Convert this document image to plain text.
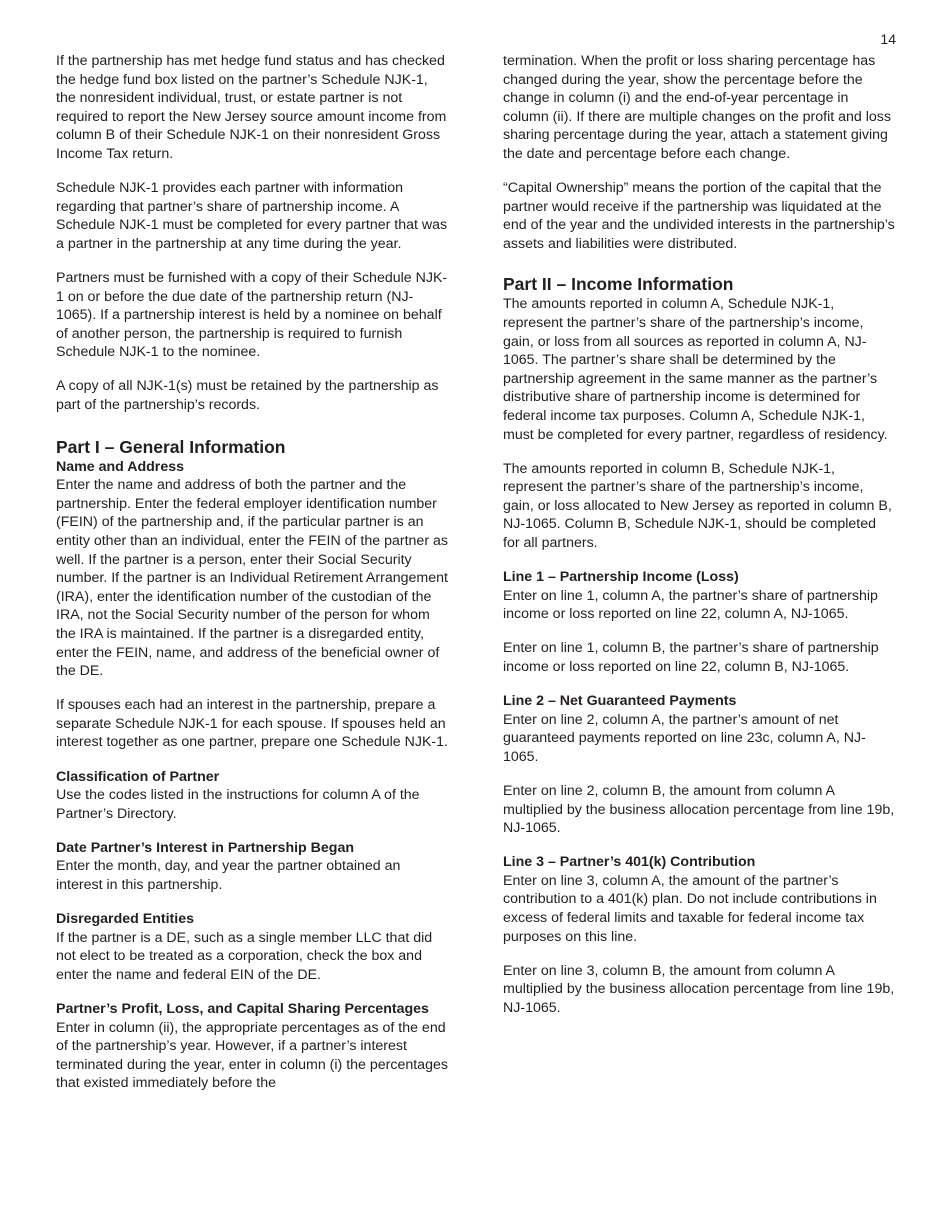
14

If the partnership has met hedge fund status and has checked the hedge fund box listed on the partner’s Schedule NJK-1, the nonresident individual, trust, or estate partner is not required to report the New Jersey source amount income from column B of their Schedule NJK-1 on their nonresident Gross Income Tax return.

Schedule NJK-1 provides each partner with information regarding that partner’s share of partnership income. A Schedule NJK-1 must be completed for every partner that was a partner in the partnership at any time during the year.

Partners must be furnished with a copy of their Schedule NJK-1 on or before the due date of the partnership return (NJ-1065). If a partnership interest is held by a nominee on behalf of another person, the partnership is required to furnish Schedule NJK-1 to the nominee.

A copy of all NJK-1(s) must be retained by the partnership as part of the partnership’s records.

Part I – General Information
Name and Address

Enter the name and address of both the partner and the partnership. Enter the federal employer identification number (FEIN) of the partnership and, if the particular partner is an entity other than an individual, enter the FEIN of the partner as well. If the partner is a person, enter their Social Security number. If the partner is an Individual Retirement Arrangement (IRA), enter the identification number of the custodian of the IRA, not the Social Security number of the person for whom the IRA is maintained. If the partner is a disregarded entity, enter the FEIN, name, and address of the beneficial owner of the DE.

If spouses each had an interest in the partnership, prepare a separate Schedule NJK-1 for each spouse. If spouses held an interest together as one partner, prepare one Schedule NJK-1.

Classification of Partner

Use the codes listed in the instructions for column A of the Partner’s Directory.

Date Partner’s Interest in Partnership Began

Enter the month, day, and year the partner obtained an interest in this partnership.

Disregarded Entities

If the partner is a DE, such as a single member LLC that did not elect to be treated as a corporation, check the box and enter the name and federal EIN of the DE.

Partner’s Profit, Loss, and Capital Sharing Percentages

Enter in column (ii), the appropriate percentages as of the end of the partnership’s year. However, if a partner’s interest terminated during the year, enter in column (i) the percentages that existed immediately before the

termination. When the profit or loss sharing percentage has changed during the year, show the percentage before the change in column (i) and the end-of-year percentage in column (ii). If there are multiple changes on the profit and loss sharing percentage during the year, attach a statement giving the date and percentage before each change.

“Capital Ownership” means the portion of the capital that the partner would receive if the partnership was liquidated at the end of the year and the undivided interests in the partnership’s assets and liabilities were distributed.

Part II – Income Information

The amounts reported in column A, Schedule NJK-1, represent the partner’s share of the partnership’s income, gain, or loss from all sources as reported in column A, NJ-1065. The partner’s share shall be determined by the partnership agreement in the same manner as the partner’s distributive share of partnership income is determined for federal income tax purposes. Column A, Schedule NJK-1, must be completed for every partner, regardless of residency.

The amounts reported in column B, Schedule NJK-1, represent the partner’s share of the partnership’s income, gain, or loss allocated to New Jersey as reported in column B, NJ-1065. Column B, Schedule NJK-1, should be completed for all partners.

Line 1 – Partnership Income (Loss)

Enter on line 1, column A, the partner’s share of partnership income or loss reported on line 22, column A, NJ-1065.

Enter on line 1, column B, the partner’s share of partnership income or loss reported on line 22, column B, NJ-1065.

Line 2 – Net Guaranteed Payments

Enter on line 2, column A, the partner’s amount of net guaranteed payments reported on line 23c, column A, NJ-1065.

Enter on line 2, column B, the amount from column A multiplied by the business allocation percentage from line 19b, NJ-1065.

Line 3 – Partner’s 401(k) Contribution

Enter on line 3, column A, the amount of the partner’s contribution to a 401(k) plan. Do not include contributions in excess of federal limits and taxable for federal income tax purposes on this line.

Enter on line 3, column B, the amount from column A multiplied by the business allocation percentage from line 19b, NJ-1065.
